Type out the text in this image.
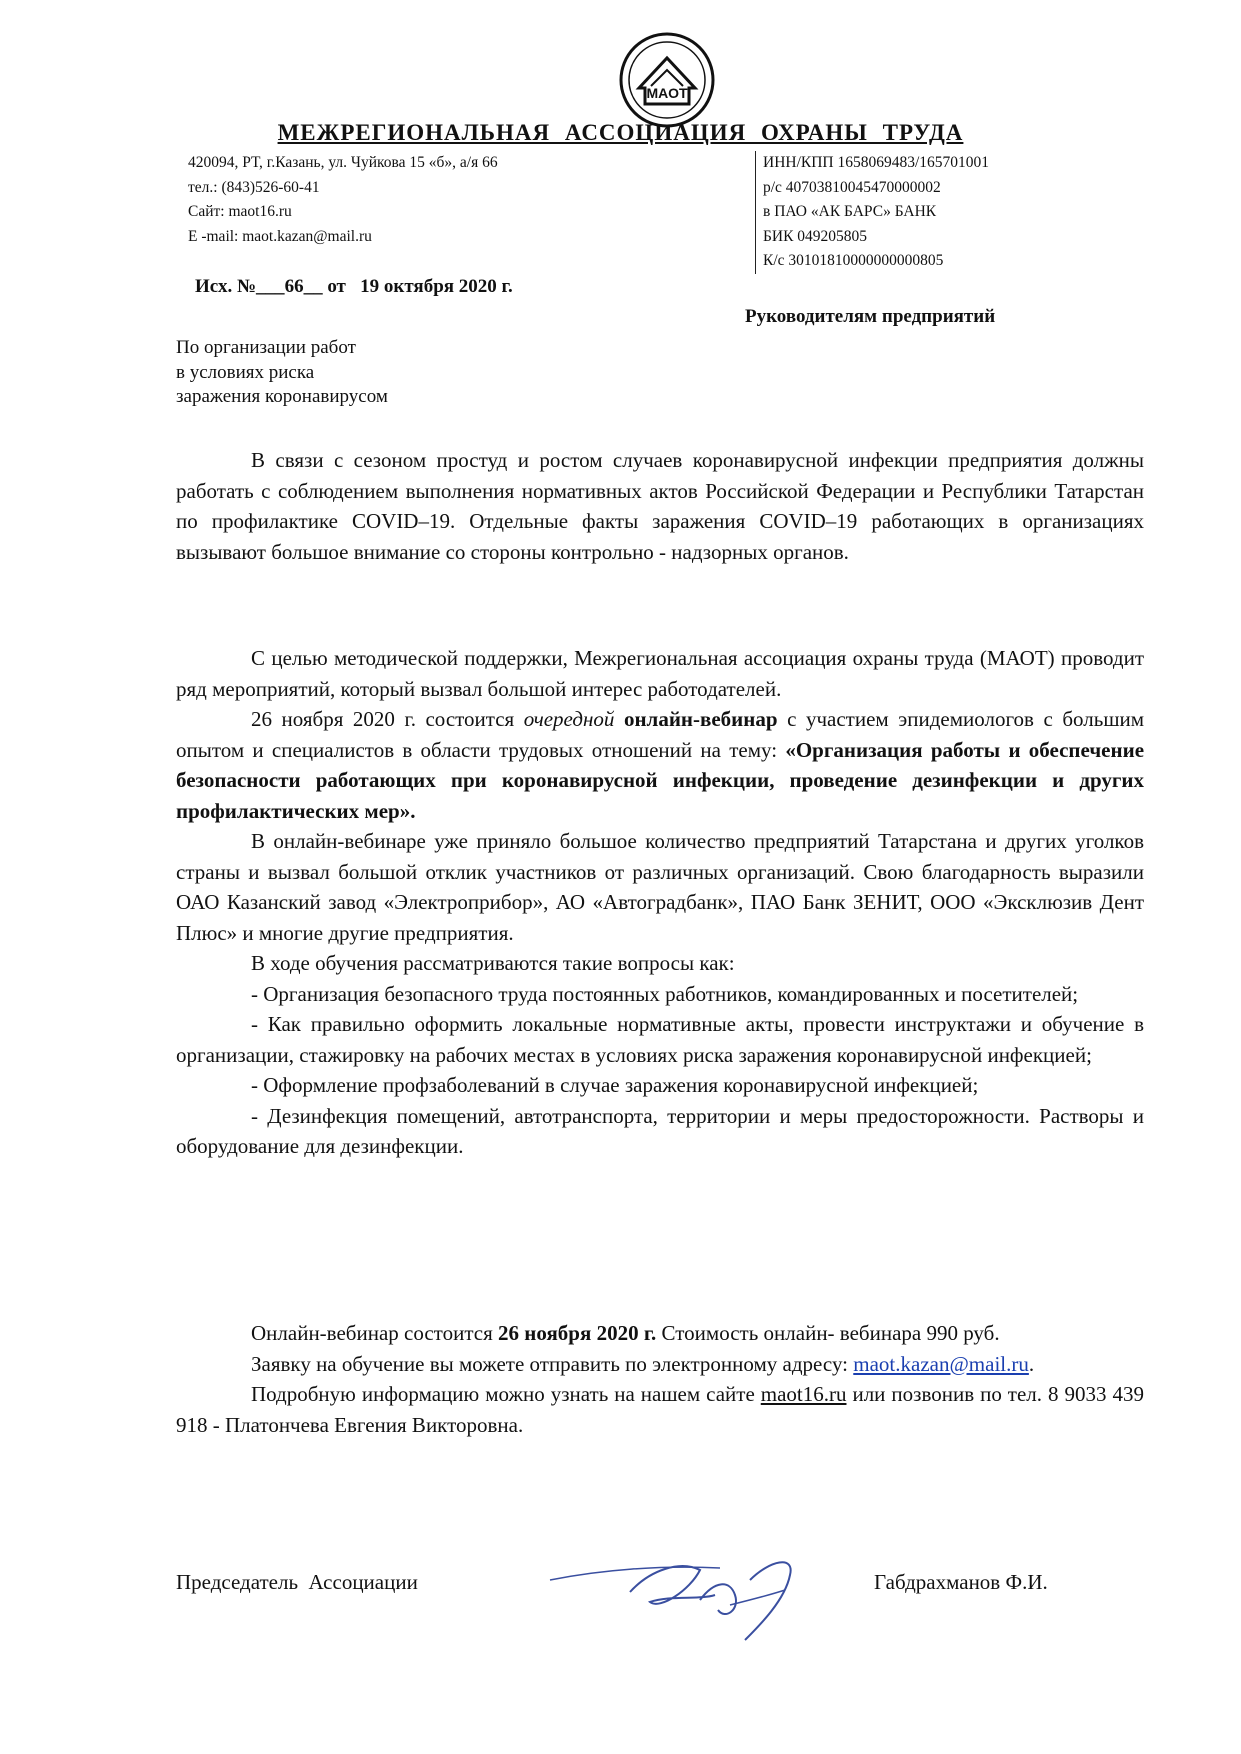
МАОТ
МЕЖРЕГИОНАЛЬНАЯ АССОЦИАЦИЯ ОХРАНЫ ТРУДА
420094, РТ, г.Казань, ул. Чуйкова 15 «б», а/я 66
тел.: (843)526-60-41
Сайт: maot16.ru
E -mail: maot.kazan@mail.ru
ИНН/КПП 1658069483/165701001
р/с 40703810045470000002
в ПАО «АК БАРС» БАНК
БИК 049205805
К/с 30101810000000000805
Исх. №___66__ от   19 октября 2020 г.
Руководителям предприятий
По организации работ
в условиях риска
заражения коронавирусом

В связи с сезоном простуд и ростом случаев коронавирусной инфекции предприятия должны работать с соблюдением выполнения нормативных актов Российской Федерации и Республики Татарстан по профилактике COVID–19. Отдельные факты заражения COVID–19 работающих в организациях вызывают большое внимание со стороны контрольно - надзорных органов.

С целью методической поддержки, Межрегиональная ассоциация охраны труда (МАОТ) проводит ряд мероприятий, который вызвал большой интерес работодателей.

26 ноября 2020 г. состоится очередной онлайн-вебинар с участием эпидемиологов с большим опытом и специалистов в области трудовых отношений на тему: «Организация работы и обеспечение безопасности работающих при коронавирусной инфекции, проведение дезинфекции и других профилактических мер».

В онлайн-вебинаре уже приняло большое количество предприятий Татарстана и других уголков страны и вызвал большой отклик участников от различных организаций. Свою благодарность выразили ОАО Казанский завод «Электроприбор», АО «Автоградбанк», ПАО Банк ЗЕНИТ, ООО «Эксклюзив Дент Плюс» и многие другие предприятия.

В ходе обучения рассматриваются такие вопросы как:

- Организация безопасного труда постоянных работников, командированных и посетителей;

- Как правильно оформить локальные нормативные акты, провести инструктажи и обучение в организации, стажировку на рабочих местах в условиях риска заражения коронавирусной инфекцией;

- Оформление профзаболеваний в случае заражения коронавирусной инфекцией;

- Дезинфекция помещений, автотранспорта, территории и меры предосторожности. Растворы и оборудование для дезинфекции.

Онлайн-вебинар состоится 26 ноября 2020 г. Стоимость онлайн- вебинара 990 руб.

Заявку на обучение вы можете отправить по электронному адресу: maot.kazan@mail.ru.

Подробную информацию можно узнать на нашем сайте maot16.ru или позвонив по тел. 8 9033 439 918 - Платончева Евгения Викторовна.

Председатель  Ассоциации	Габдрахманов Ф.И.
